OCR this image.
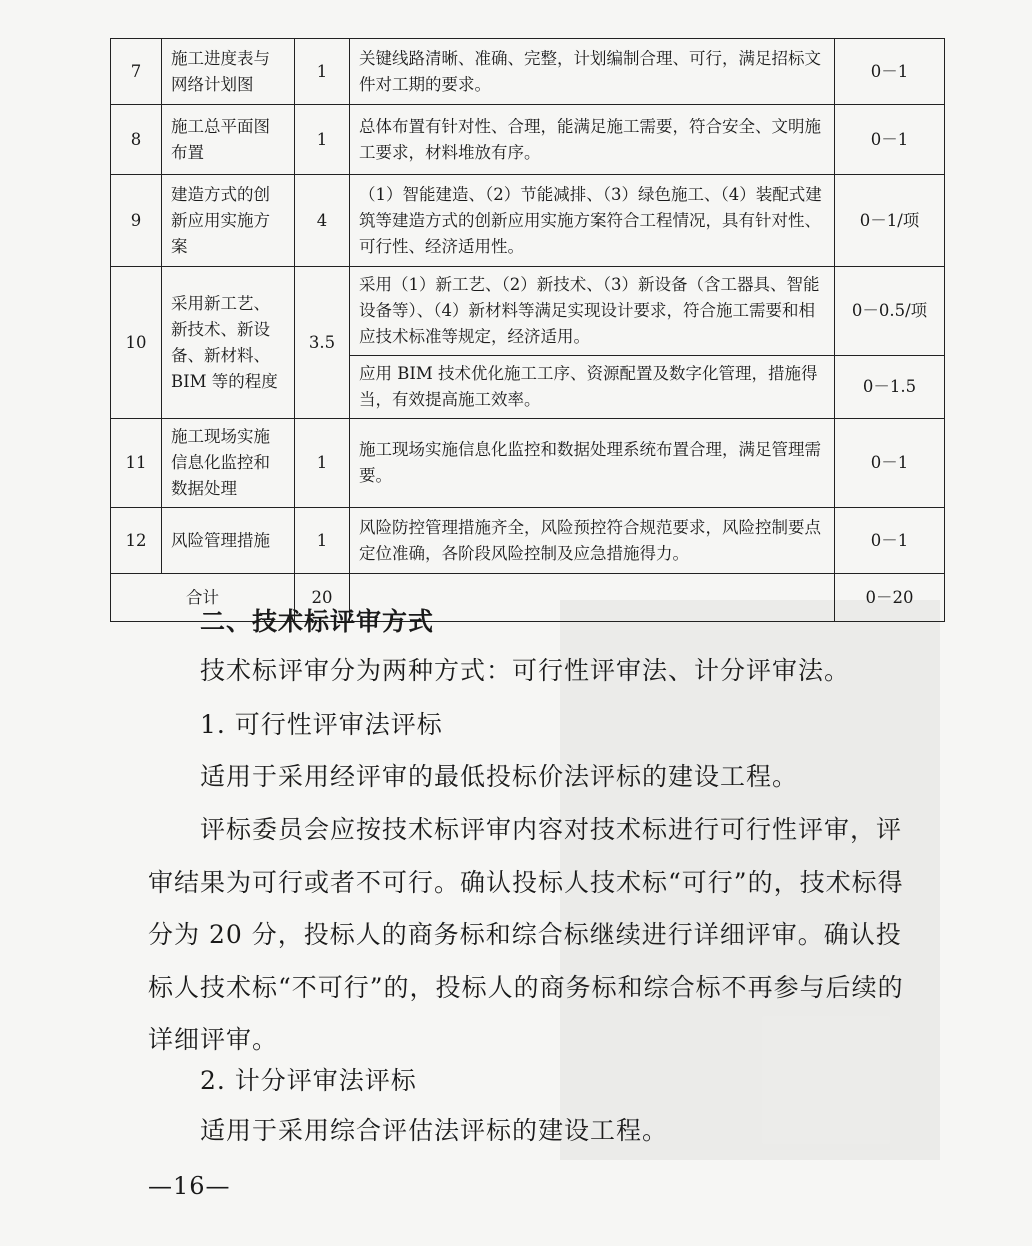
7	施工进度表与网络计划图	1	关键线路清晰、准确、完整，计划编制合理、可行，满足招标文件对工期的要求。	0－1
8	施工总平面图布置	1	总体布置有针对性、合理，能满足施工需要，符合安全、文明施工要求，材料堆放有序。	0－1
9	建造方式的创新应用实施方案	4	（1）智能建造、（2）节能减排、（3）绿色施工、（4）装配式建筑等建造方式的创新应用实施方案符合工程情况，具有针对性、可行性、经济适用性。	0－1/项
10	采用新工艺、新技术、新设备、新材料、BIM 等的程度	3.5	采用（1）新工艺、（2）新技术、（3）新设备（含工器具、智能设备等）、（4）新材料等满足实现设计要求，符合施工需要和相应技术标准等规定，经济适用。	0－0.5/项
			应用 BIM 技术优化施工工序、资源配置及数字化管理，措施得当，有效提高施工效率。	0－1.5
11	施工现场实施信息化监控和数据处理	1	施工现场实施信息化监控和数据处理系统布置合理，满足管理需要。	0－1
12	风险管理措施	1	风险防控管理措施齐全，风险预控符合规范要求，风险控制要点定位准确，各阶段风险控制及应急措施得力。	0－1
合计		20		0－20
二、技术标评审方式
技术标评审分为两种方式：可行性评审法、计分评审法。
1. 可行性评审法评标
适用于采用经评审的最低投标价法评标的建设工程。
评标委员会应按技术标评审内容对技术标进行可行性评审，评审结果为可行或者不可行。确认投标人技术标“可行”的，技术标得分为 20 分，投标人的商务标和综合标继续进行详细评审。确认投标人技术标“不可行”的，投标人的商务标和综合标不再参与后续的详细评审。
2. 计分评审法评标
适用于采用综合评估法评标的建设工程。
—16—
